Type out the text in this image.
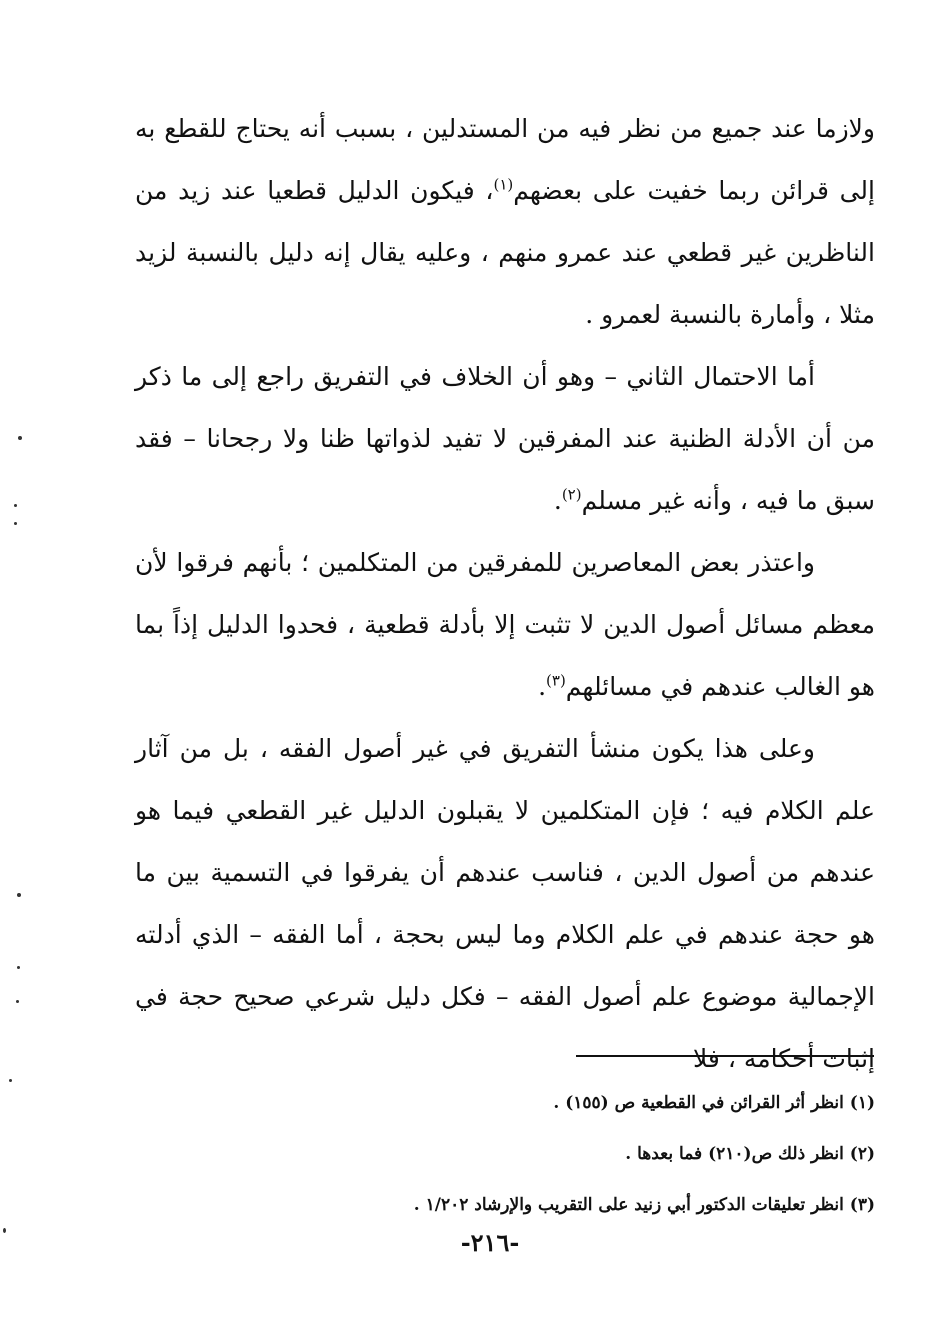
ولازما عند جميع من نظر فيه من المستدلين ، بسبب أنه يحتاج للقطع به إلى قرائن ربما خفيت على بعضهم$^{(١)}$، فيكون الدليل قطعيا عند زيد من الناظرين غير قطعي عند عمرو منهم ، وعليه يقال إنه دليل بالنسبة لزيد مثلا ، وأمارة بالنسبة لعمرو .

أما الاحتمال الثاني – وهو أن الخلاف في التفريق راجع إلى ما ذكر من أن الأدلة الظنية عند المفرقين لا تفيد لذواتها ظنا ولا رجحانا – فقد سبق ما فيه ، وأنه غير مسلم$^{(٢)}$.

واعتذر بعض المعاصرين للمفرقين من المتكلمين ؛ بأنهم فرقوا لأن معظم مسائل أصول الدين لا تثبت إلا بأدلة قطعية ، فحدوا الدليل إذاً بما هو الغالب عندهم في مسائلهم$^{(٣)}$.

وعلى هذا يكون منشأ التفريق في غير أصول الفقه ، بل من آثار علم الكلام فيه ؛ فإن المتكلمين لا يقبلون الدليل غير القطعي فيما هو عندهم من أصول الدين ، فناسب عندهم أن يفرقوا في التسمية بين ما هو حجة عندهم في علم الكلام وما ليس بحجة ، أما الفقه – الذي أدلته الإجمالية موضوع علم أصول الفقه – فكل دليل شرعي صحيح حجة في إثبات أحكامه ، فلا

(١) انظر أثر القرائن في القطعية ص (١٥٥) .

(٢) انظر ذلك ص(٢١٠) فما بعدها .

(٣) انظر تعليقات الدكتور أبي زنيد على التقريب والإرشاد ١/٢٠٢ .

-٢١٦-
